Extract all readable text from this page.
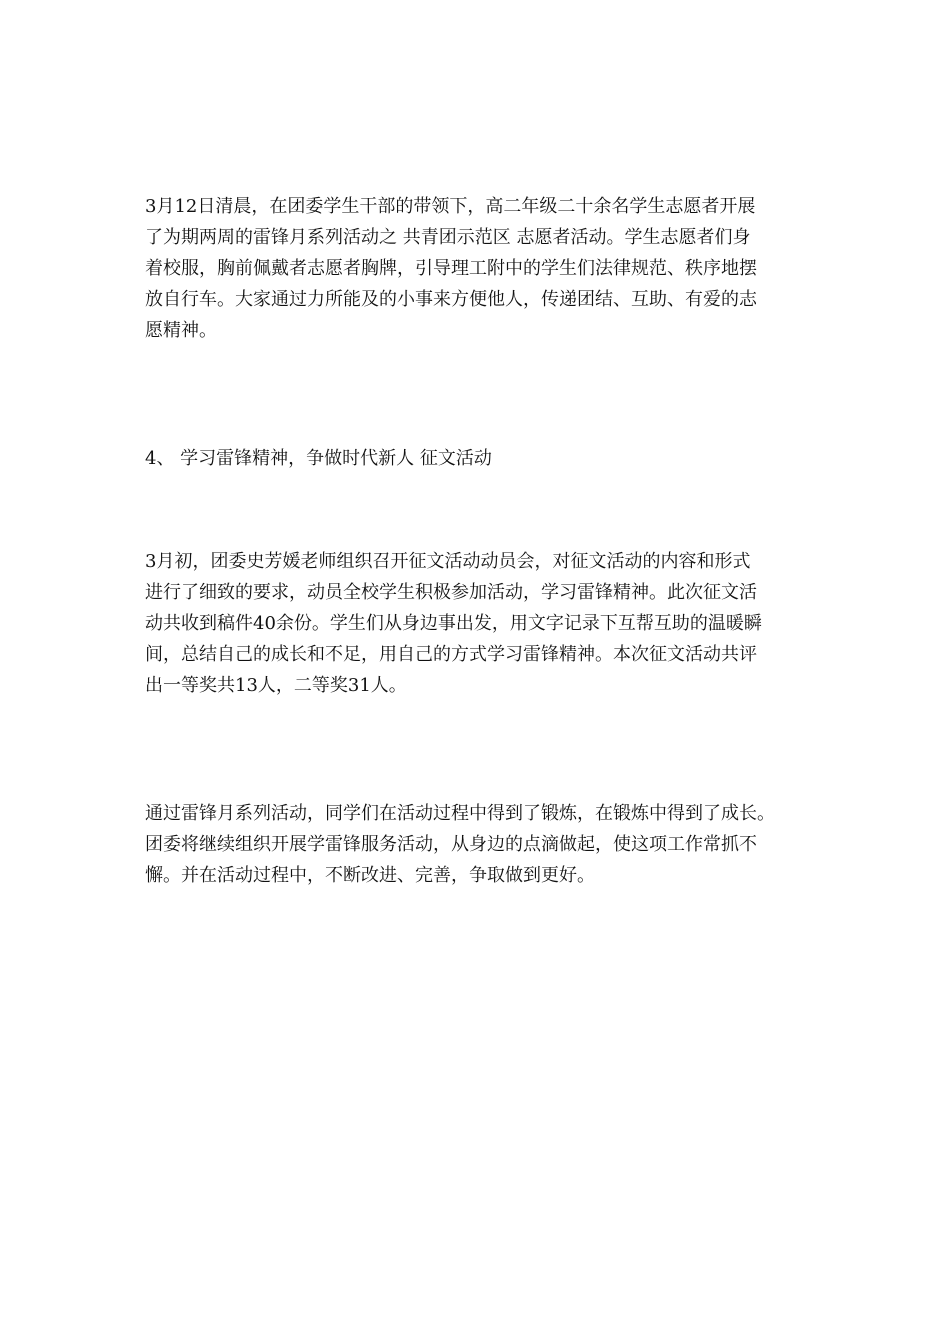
3月12日清晨，在团委学生干部的带领下，高二年级二十余名学生志愿者开展
了为期两周的雷锋月系列活动之 共青团示范区 志愿者活动。学生志愿者们身
着校服，胸前佩戴者志愿者胸牌，引导理工附中的学生们法律规范、秩序地摆
放自行车。大家通过力所能及的小事来方便他人，传递团结、互助、有爱的志
愿精神。
4、 学习雷锋精神，争做时代新人 征文活动
3月初，团委史芳媛老师组织召开征文活动动员会，对征文活动的内容和形式
进行了细致的要求，动员全校学生积极参加活动，学习雷锋精神。此次征文活
动共收到稿件40余份。学生们从身边事出发，用文字记录下互帮互助的温暖瞬
间，总结自己的成长和不足，用自己的方式学习雷锋精神。本次征文活动共评
出一等奖共13人，二等奖31人。
通过雷锋月系列活动，同学们在活动过程中得到了锻炼，在锻炼中得到了成长。
团委将继续组织开展学雷锋服务活动，从身边的点滴做起，使这项工作常抓不
懈。并在活动过程中，不断改进、完善，争取做到更好。
